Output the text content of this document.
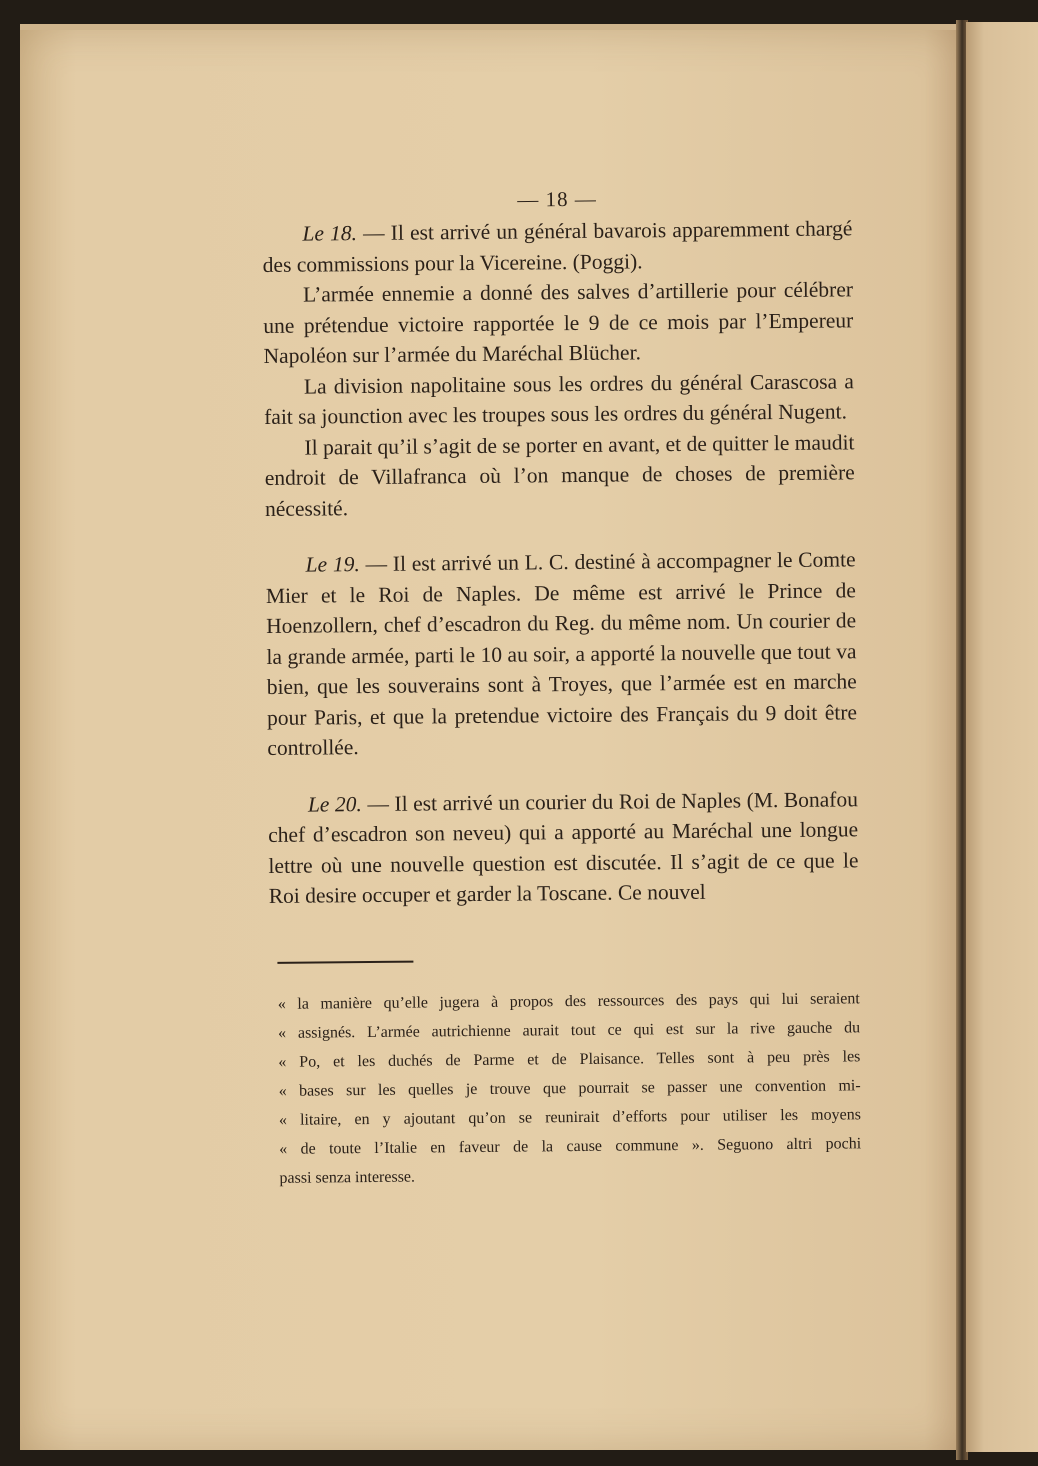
— 18 —

Le 18. — Il est arrivé un général bavarois apparemment chargé des commissions pour la Vicereine. (Poggi).

L’armée ennemie a donné des salves d’artillerie pour célébrer une prétendue victoire rapportée le 9 de ce mois par l’Empereur Napoléon sur l’armée du Maréchal Blücher.

La division napolitaine sous les ordres du général Carascosa a fait sa jounction avec les troupes sous les ordres du général Nugent.

Il parait qu’il s’agit de se porter en avant, et de quitter le maudit endroit de Villafranca où l’on manque de choses de première nécessité.

Le 19. — Il est arrivé un L. C. destiné à accompagner le Comte Mier et le Roi de Naples. De même est arrivé le Prince de Hoenzollern, chef d’escadron du Reg. du même nom. Un courier de la grande armée, parti le 10 au soir, a apporté la nouvelle que tout va bien, que les souverains sont à Troyes, que l’armée est en marche pour Paris, et que la pretendue victoire des Français du 9 doit être controllée.

Le 20. — Il est arrivé un courier du Roi de Naples (M. Bonafou chef d’escadron son neveu) qui a apporté au Maréchal une longue lettre où une nouvelle question est discutée. Il s’agit de ce que le Roi desire occuper et garder la Toscane. Ce nouvel

« la manière qu’elle jugera à propos des ressources des pays qui lui seraient
« assignés. L’armée autrichienne aurait tout ce qui est sur la rive gauche du
« Po, et les duchés de Parme et de Plaisance. Telles sont à peu près les
« bases sur les quelles je trouve que pourrait se passer une convention mi-
« litaire, en y ajoutant qu’on se reunirait d’efforts pour utiliser les moyens
« de toute l’Italie en faveur de la cause commune ». Seguono altri pochi
passi senza interesse.
